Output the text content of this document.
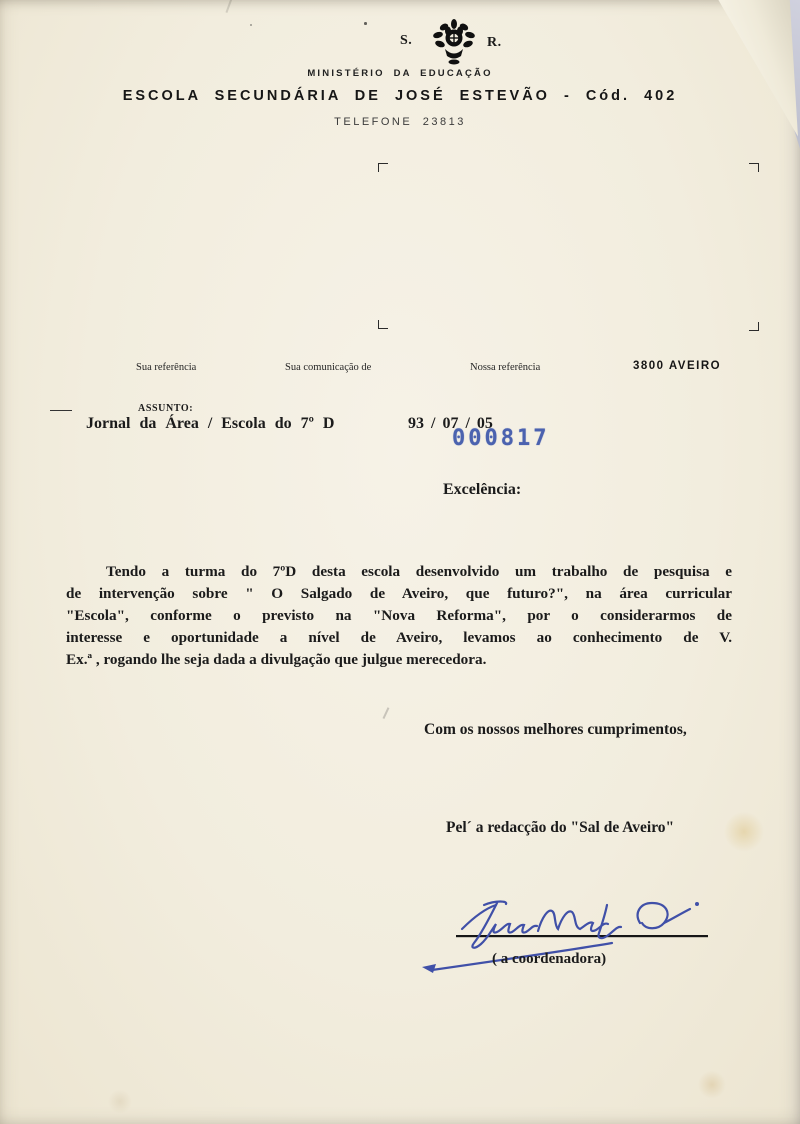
S.	R.
MINISTÉRIO DA EDUCAÇÃO
ESCOLA SECUNDÁRIA DE JOSÉ ESTEVÃO - Cód. 402
TELEFONE 23813
Sua referência	Sua comunicação de	Nossa referência	3800 AVEIRO
ASSUNTO:
Jornal da Área / Escola do 7º D	93 / 07 / 05
000817
Excelência:
Tendo a turma do 7ºD desta escola desenvolvido um trabalho de pesquisa e
de intervenção sobre " O Salgado de Aveiro, que futuro?", na área curricular
"Escola", conforme o previsto na "Nova Reforma", por o considerarmos de
interesse e oportunidade a nível de Aveiro, levamos ao conhecimento de V.
Ex.ª , rogando lhe seja dada a divulgação que julgue merecedora.
Com os nossos melhores cumprimentos,
Pel´ a redacção do "Sal de Aveiro"
( a coordenadora)
